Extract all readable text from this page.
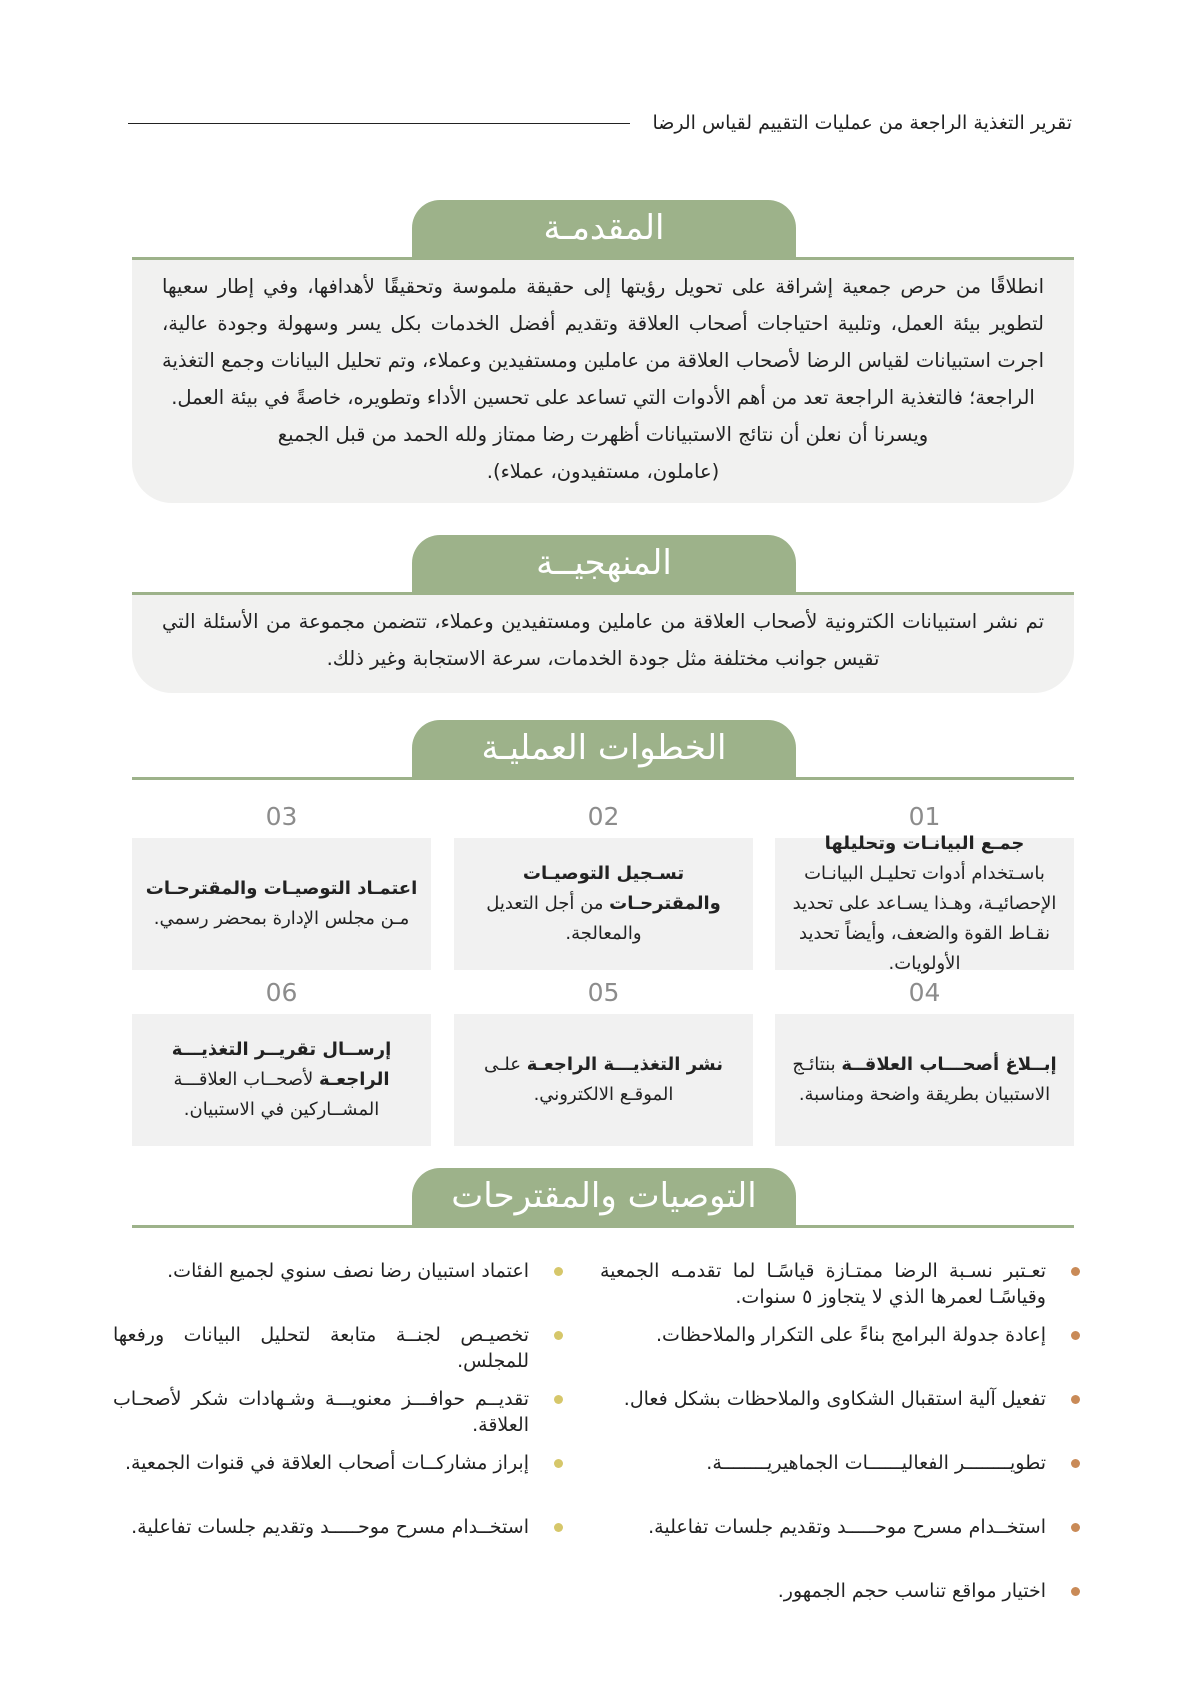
تقرير التغذية الراجعة من عمليات التقييم لقياس الرضا
المقدمـة
انطلاقًا من حرص جمعية إشراقة على تحويل رؤيتها إلى حقيقة ملموسة وتحقيقًا لأهدافها، وفي إطار سعيها لتطوير بيئة العمل، وتلبية احتياجات أصحاب العلاقة وتقديم أفضل الخدمات بكل يسر وسهولة وجودة عالية، اجرت استبيانات لقياس الرضا لأصحاب العلاقة من عاملين ومستفيدين وعملاء، وتم تحليل البيانات وجمع التغذية الراجعة؛ فالتغذية الراجعة تعد من أهم الأدوات التي تساعد على تحسين الأداء وتطويره، خاصةً في بيئة العمل.
ويسرنا أن نعلن أن نتائج الاستبيانات أظهرت رضا ممتاز ولله الحمد من قبل الجميع
(عاملون، مستفيدون، عملاء).
المنهجيــة
تم نشر استبيانات الكترونية لأصحاب العلاقة من عاملين ومستفيدين وعملاء، تتضمن مجموعة من الأسئلة التي تقيس جوانب مختلفة مثل جودة الخدمات، سرعة الاستجابة وغير ذلك.
الخطوات العمليـة
01
جمـع البيانـات وتحليلها باسـتخدام أدوات تحليـل البيانـات الإحصائيـة، وهـذا يسـاعد على تحديد نقـاط القوة والضعف، وأيضاً تحديد الأولويات.
02
تسـجيل التوصيـات والمقترحـات من أجل التعديل والمعالجة.
03
اعتمـاد التوصيـات والمقترحـات مـن مجلس الإدارة بمحضر رسمي.
04
إبــلاغ أصحـــاب العلاقــة بنتائـج الاستبيان بطريقة واضحة ومناسبة.
05
نشر التغذيـــة الراجعـة علـى الموقـع الالكتروني.
06
إرســال تقريــر التغذيـــة الراجعـة لأصحــاب العلاقـــة المشــاركين في الاستبيان.
التوصيات والمقترحات
تعـتبر نسـبة الرضا ممتـازة قياسًـا لما تقدمـه الجمعية وقياسًـا لعمرها الذي لا يتجاوز ٥ سنوات.
إعادة جدولة البرامج بناءً على التكرار والملاحظات.
تفعيل آلية استقبال الشكاوى والملاحظات بشكل فعال.
تطويــــــــر الفعاليــــــات الجماهيريــــــــة.
استخــدام مسرح موحـــــد وتقديم جلسات تفاعلية.
اختيار مواقع تناسب حجم الجمهور.
اعتماد استبيان رضا نصف سنوي لجميع الفئات.
تخصيـص لجنــة متابعة لتحليل البيانات ورفعها للمجلس.
تقديــم حوافـــز معنويـــة وشـهادات شكر لأصحـاب العلاقة.
إبراز مشاركــات أصحاب العلاقة في قنوات الجمعية.
استخــدام مسرح موحـــــد وتقديم جلسات تفاعلية.
